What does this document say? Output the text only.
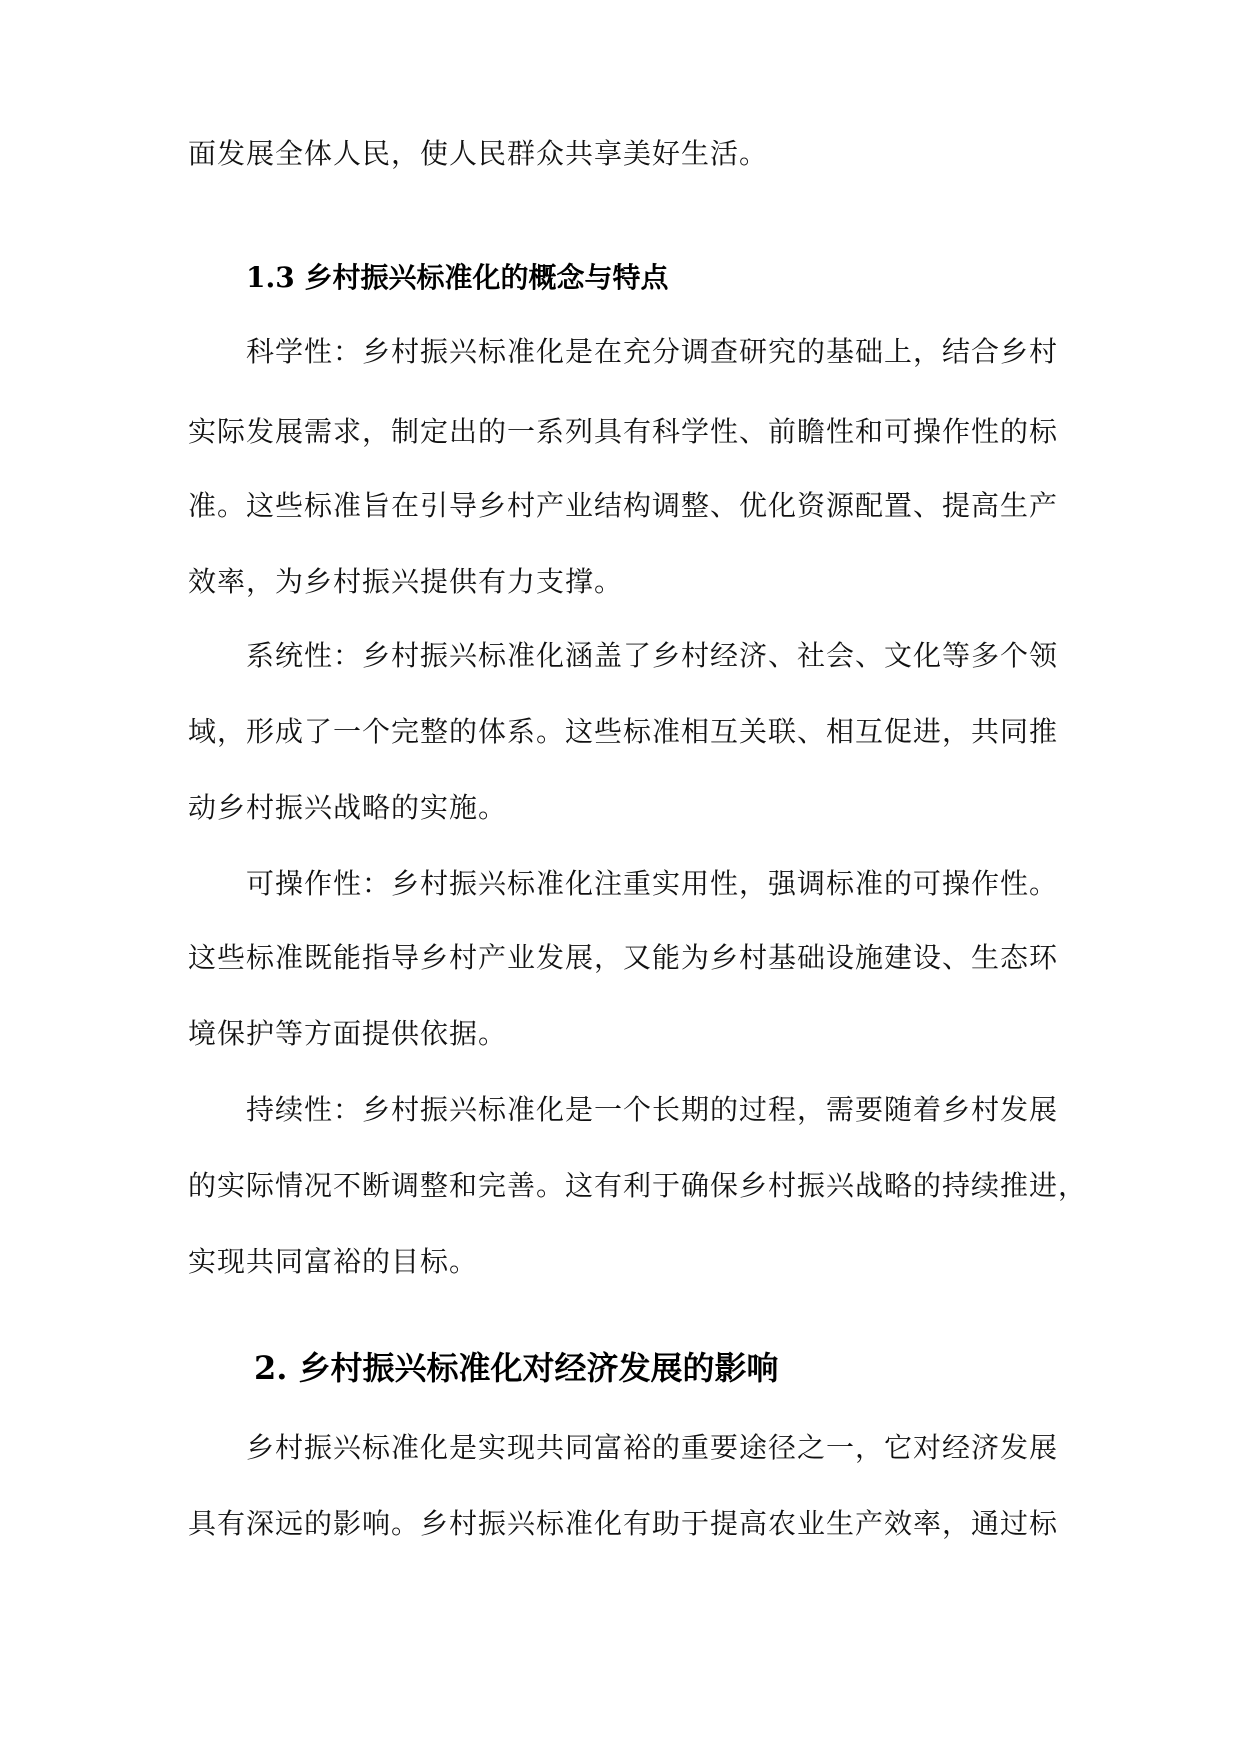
面发展全体人民，使人民群众共享美好生活。
1.3 乡村振兴标准化的概念与特点
科学性：乡村振兴标准化是在充分调查研究的基础上，结合乡村
实际发展需求，制定出的一系列具有科学性、前瞻性和可操作性的标
准。这些标准旨在引导乡村产业结构调整、优化资源配置、提高生产
效率，为乡村振兴提供有力支撑。
系统性：乡村振兴标准化涵盖了乡村经济、社会、文化等多个领
域，形成了一个完整的体系。这些标准相互关联、相互促进，共同推
动乡村振兴战略的实施。
可操作性：乡村振兴标准化注重实用性，强调标准的可操作性。
这些标准既能指导乡村产业发展，又能为乡村基础设施建设、生态环
境保护等方面提供依据。
持续性：乡村振兴标准化是一个长期的过程，需要随着乡村发展
的实际情况不断调整和完善。这有利于确保乡村振兴战略的持续推进，
实现共同富裕的目标。
2. 乡村振兴标准化对经济发展的影响
乡村振兴标准化是实现共同富裕的重要途径之一，它对经济发展
具有深远的影响。乡村振兴标准化有助于提高农业生产效率，通过标
